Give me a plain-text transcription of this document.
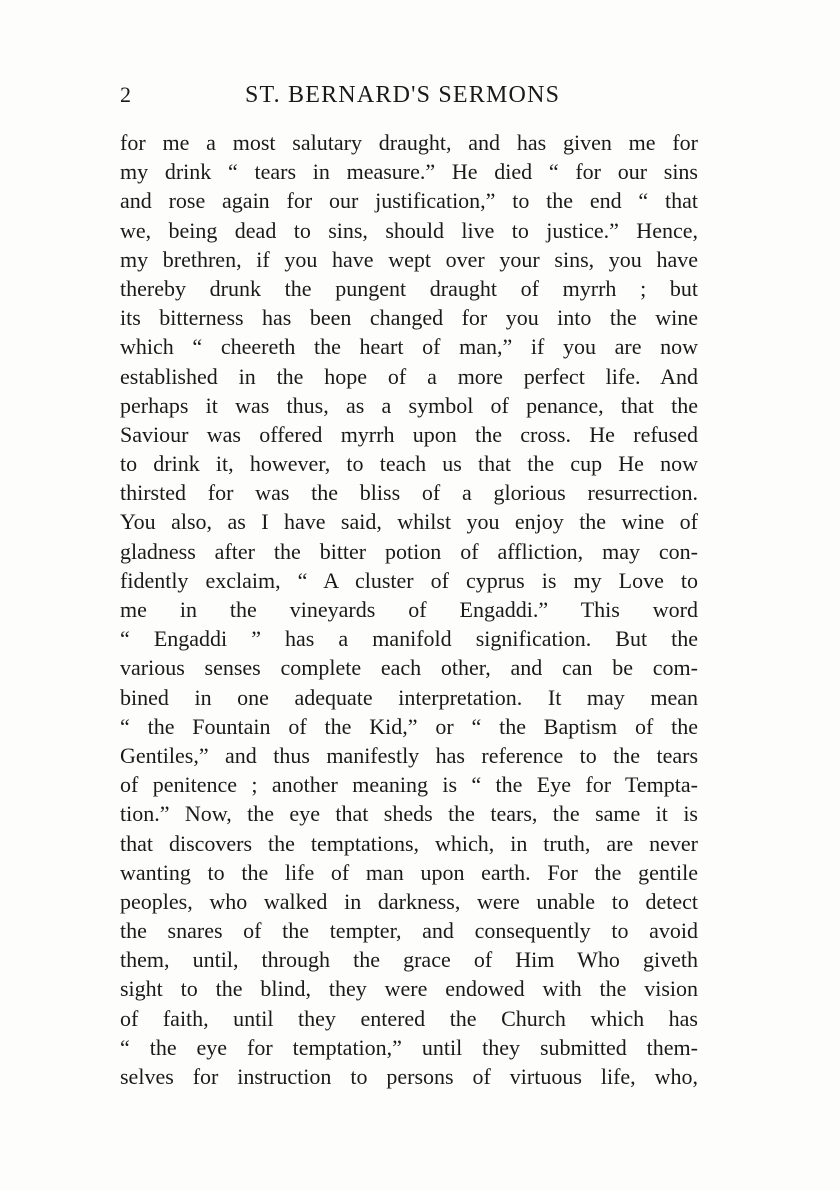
2	ST. BERNARD'S SERMONS
for me a most salutary draught, and has given me for
my drink “ tears in measure.” He died “ for our sins
and rose again for our justification,” to the end “ that
we, being dead to sins, should live to justice.” Hence,
my brethren, if you have wept over your sins, you have
thereby drunk the pungent draught of myrrh ; but
its bitterness has been changed for you into the wine
which “ cheereth the heart of man,” if you are now
established in the hope of a more perfect life. And
perhaps it was thus, as a symbol of penance, that the
Saviour was offered myrrh upon the cross. He refused
to drink it, however, to teach us that the cup He now
thirsted for was the bliss of a glorious resurrection.
You also, as I have said, whilst you enjoy the wine of
gladness after the bitter potion of affliction, may con-
fidently exclaim, “ A cluster of cyprus is my Love to
me in the vineyards of Engaddi.” This word
“ Engaddi ” has a manifold signification. But the
various senses complete each other, and can be com-
bined in one adequate interpretation. It may mean
“ the Fountain of the Kid,” or “ the Baptism of the
Gentiles,” and thus manifestly has reference to the tears
of penitence ; another meaning is “ the Eye for Tempta-
tion.” Now, the eye that sheds the tears, the same it is
that discovers the temptations, which, in truth, are never
wanting to the life of man upon earth. For the gentile
peoples, who walked in darkness, were unable to detect
the snares of the tempter, and consequently to avoid
them, until, through the grace of Him Who giveth
sight to the blind, they were endowed with the vision
of faith, until they entered the Church which has
“ the eye for temptation,” until they submitted them-
selves for instruction to persons of virtuous life, who,
